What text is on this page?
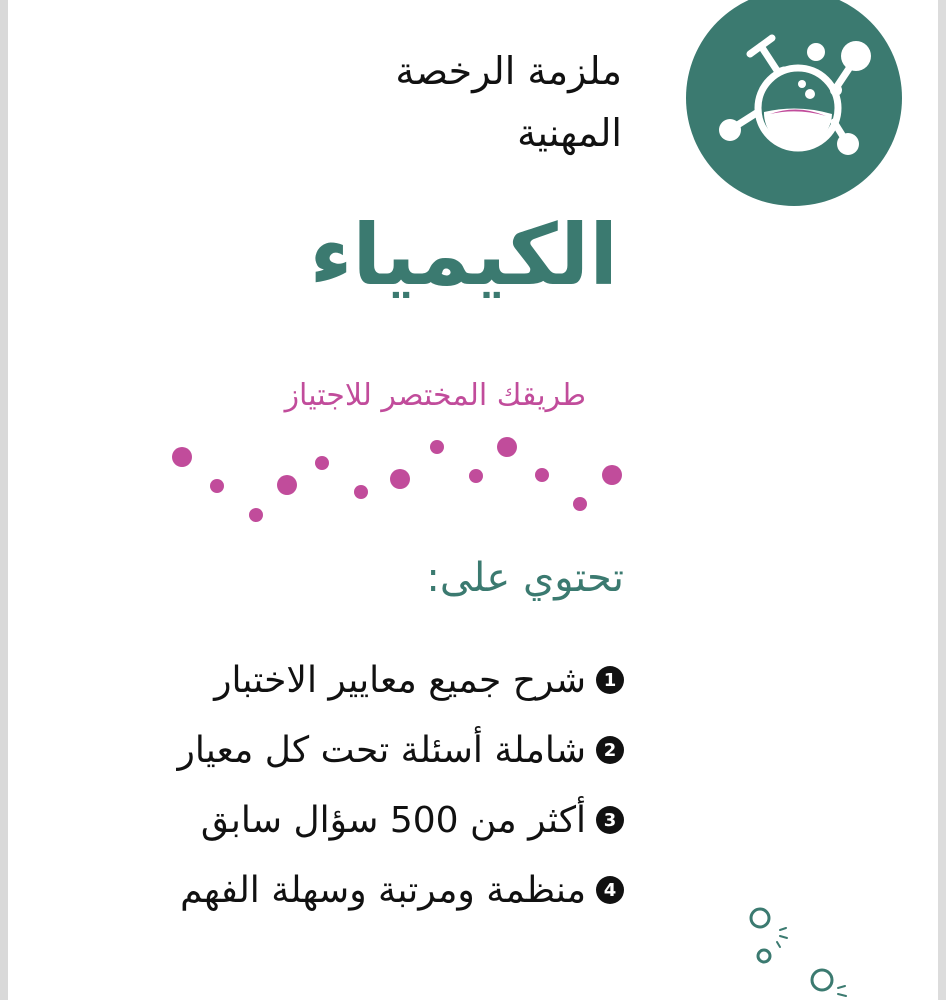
ملزمة الرخصة المهنية
الكيمياء
طريقك المختصر للاجتياز
تحتوي على:
1
شرح جميع معايير الاختبار
2
شاملة أسئلة تحت كل معيار
3
أكثر من 500 سؤال سابق
4
منظمة ومرتبة وسهلة الفهم
